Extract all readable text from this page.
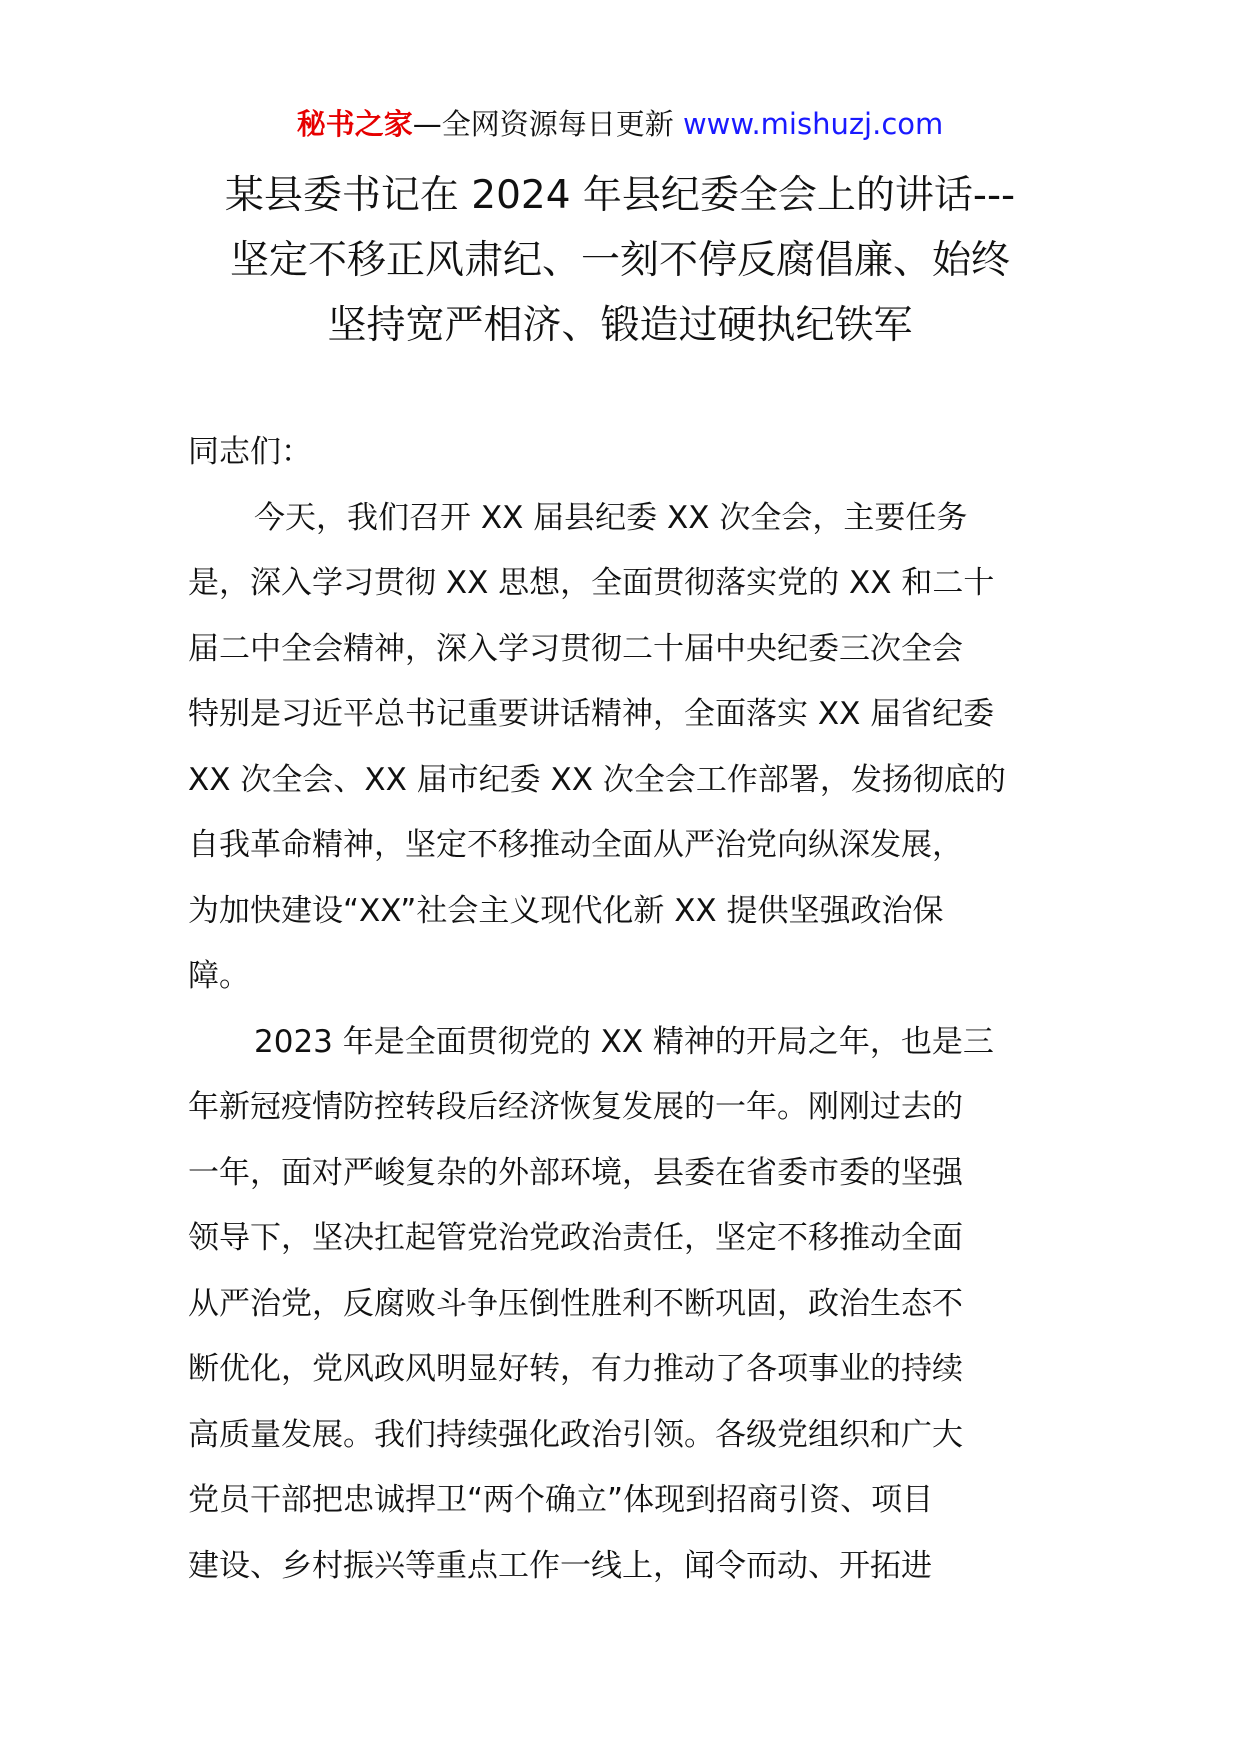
秘书之家—全网资源每日更新 www.mishuzj.com
某县委书记在 2024 年县纪委全会上的讲话---
坚定不移正风肃纪、一刻不停反腐倡廉、始终
坚持宽严相济、锻造过硬执纪铁军

同志们：

今天，我们召开 XX 届县纪委 XX 次全会，主要任务
是，深入学习贯彻 XX 思想，全面贯彻落实党的 XX 和二十
届二中全会精神，深入学习贯彻二十届中央纪委三次全会
特别是习近平总书记重要讲话精神，全面落实 XX 届省纪委
XX 次全会、XX 届市纪委 XX 次全会工作部署，发扬彻底的
自我革命精神，坚定不移推动全面从严治党向纵深发展，
为加快建设“XX”社会主义现代化新 XX 提供坚强政治保
障。

2023 年是全面贯彻党的 XX 精神的开局之年，也是三
年新冠疫情防控转段后经济恢复发展的一年。刚刚过去的
一年，面对严峻复杂的外部环境，县委在省委市委的坚强
领导下，坚决扛起管党治党政治责任，坚定不移推动全面
从严治党，反腐败斗争压倒性胜利不断巩固，政治生态不
断优化，党风政风明显好转，有力推动了各项事业的持续
高质量发展。我们持续强化政治引领。各级党组织和广大
党员干部把忠诚捍卫“两个确立”体现到招商引资、项目
建设、乡村振兴等重点工作一线上，闻令而动、开拓进
